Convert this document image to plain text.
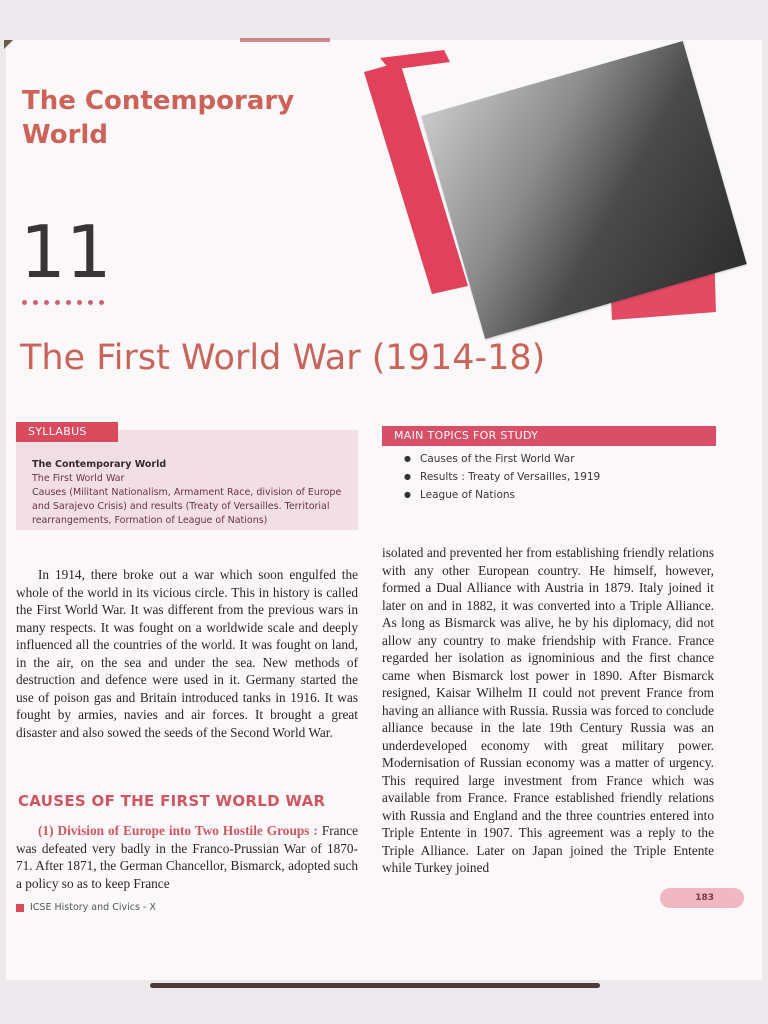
The Contemporary World
11
The First World War (1914-18)
SYLLABUS
The Contemporary World
The First World War
Causes (Militant Nationalism, Armament Race, division of Europe and Sarajevo Crisis) and results (Treaty of Versailles. Territorial rearrangements, Formation of League of Nations)
MAIN TOPICS FOR STUDY
● Causes of the First World War
● Results : Treaty of Versailles, 1919
● League of Nations

In 1914, there broke out a war which soon engulfed the whole of the world in its vicious circle. This in history is called the First World War. It was different from the previous wars in many respects. It was fought on a worldwide scale and deeply influenced all the countries of the world. It was fought on land, in the air, on the sea and under the sea. New methods of destruction and defence were used in it. Germany started the use of poison gas and Britain introduced tanks in 1916. It was fought by armies, navies and air forces. It brought a great disaster and also sowed the seeds of the Second World War.

CAUSES OF THE FIRST WORLD WAR

(1) Division of Europe into Two Hostile Groups : France was defeated very badly in the Franco-Prussian War of 1870-71. After 1871, the German Chancellor, Bismarck, adopted such a policy so as to keep France

isolated and prevented her from establishing friendly relations with any other European country. He himself, however, formed a Dual Alliance with Austria in 1879. Italy joined it later on and in 1882, it was converted into a Triple Alliance. As long as Bismarck was alive, he by his diplomacy, did not allow any country to make friendship with France. France regarded her isolation as ignominious and the first chance came when Bismarck lost power in 1890. After Bismarck resigned, Kaisar Wilhelm II could not prevent France from having an alliance with Russia. Russia was forced to conclude alliance because in the late 19th Century Russia was an underdeveloped economy with great military power. Modernisation of Russian economy was a matter of urgency. This required large investment from France which was available from France. France established friendly relations with Russia and England and the three countries entered into Triple Entente in 1907. This agreement was a reply to the Triple Alliance. Later on Japan joined the Triple Entente while Turkey joined

ICSE History and Civics - X
183
